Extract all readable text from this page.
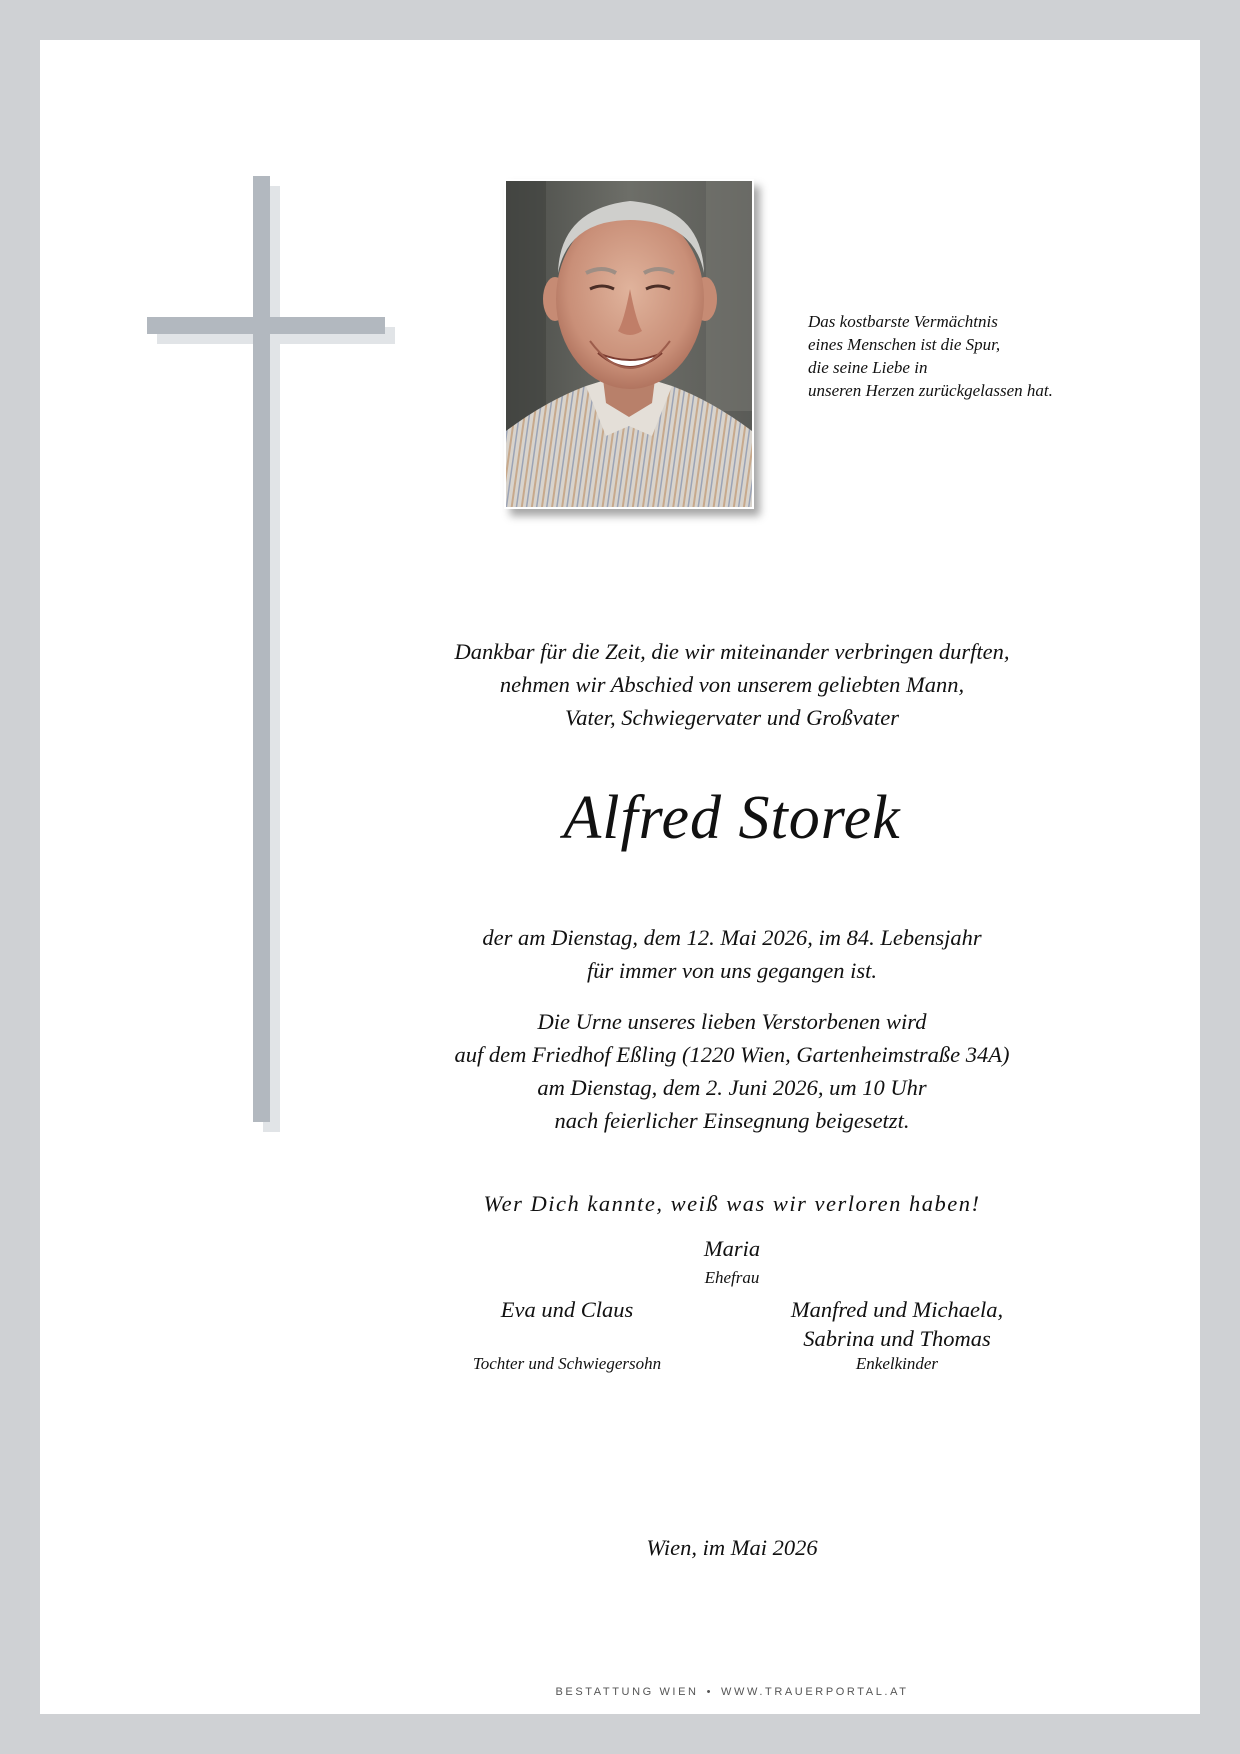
Das kostbarste Vermächtnis
eines Menschen ist die Spur,
die seine Liebe in
unseren Herzen zurückgelassen hat.
Dankbar für die Zeit, die wir miteinander verbringen durften,
nehmen wir Abschied von unserem geliebten Mann,
Vater, Schwiegervater und Großvater
Alfred Storek
der am Dienstag, dem 12. Mai 2026, im 84. Lebensjahr
für immer von uns gegangen ist.
Die Urne unseres lieben Verstorbenen wird
auf dem Friedhof Eßling (1220 Wien, Gartenheimstraße 34A)
am Dienstag, dem 2. Juni 2026, um 10 Uhr
nach feierlicher Einsegnung beigesetzt.
Wer Dich kannte, weiß was wir verloren haben!
Maria
Ehefrau
Eva und Claus
Tochter und Schwiegersohn
Manfred und Michaela,
Sabrina und Thomas
Enkelkinder
Wien, im Mai 2026
BESTATTUNG WIEN • WWW.TRAUERPORTAL.AT
